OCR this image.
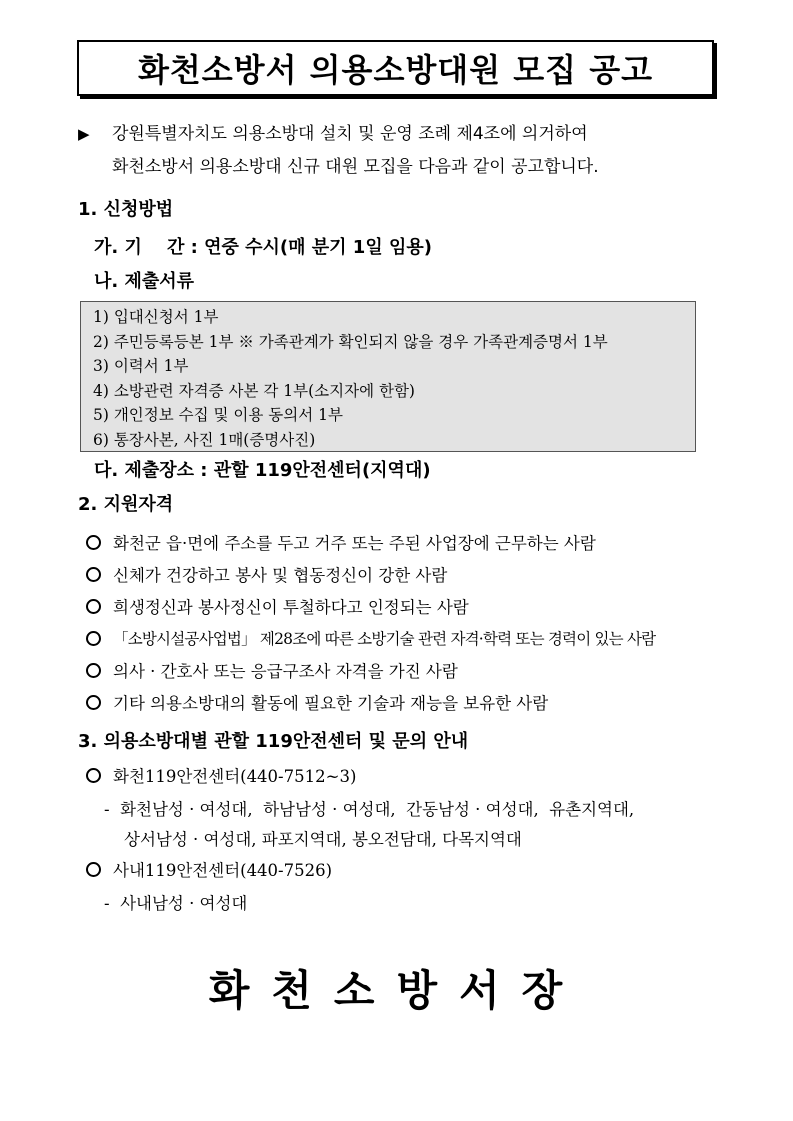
화천소방서 의용소방대원 모집 공고
▶ 강원특별자치도 의용소방대 설치 및 운영 조례 제4조에 의거하여
화천소방서 의용소방대 신규 대원 모집을 다음과 같이 공고합니다.
1. 신청방법
가. 기    간 : 연중 수시(매 분기 1일 임용)
나. 제출서류
1) 입대신청서 1부
2) 주민등록등본 1부 ※ 가족관계가 확인되지 않을 경우 가족관계증명서 1부
3) 이력서 1부
4) 소방관련 자격증 사본 각 1부(소지자에 한함)
5) 개인정보 수집 및 이용 동의서 1부
6) 통장사본, 사진 1매(증명사진)
다. 제출장소 : 관할 119안전센터(지역대)
2. 지원자격
화천군 읍·면에 주소를 두고 거주 또는 주된 사업장에 근무하는 사람
신체가 건강하고 봉사 및 협동정신이 강한 사람
희생정신과 봉사정신이 투철하다고 인정되는 사람
「소방시설공사업법」 제28조에 따른 소방기술 관련 자격·학력 또는 경력이 있는 사람
의사 · 간호사 또는 응급구조사 자격을 가진 사람
기타 의용소방대의 활동에 필요한 기술과 재능을 보유한 사람
3. 의용소방대별 관할 119안전센터 및 문의 안내
화천119안전센터(440-7512~3)
-  화천남성 · 여성대,  하남남성 · 여성대,  간동남성 · 여성대,  유촌지역대,
상서남성 · 여성대, 파포지역대, 봉오전담대, 다목지역대
사내119안전센터(440-7526)
-  사내남성 · 여성대
화천소방서장
